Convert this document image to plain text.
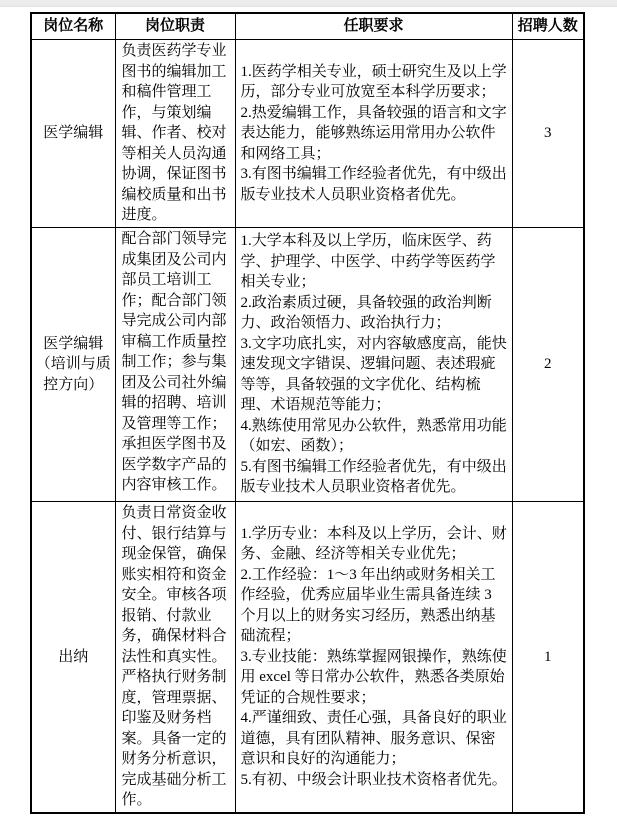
岗位名称	岗位职责	任职要求	招聘人数
医学编辑	负责医药学专业图书的编辑加工和稿件管理工作，与策划编辑、作者、校对等相关人员沟通协调，保证图书编校质量和出书进度。	1.医药学相关专业，硕士研究生及以上学历，部分专业可放宽至本科学历要求；
2.热爱编辑工作，具备较强的语言和文字表达能力，能够熟练运用常用办公软件和网络工具；
3.有图书编辑工作经验者优先，有中级出版专业技术人员职业资格者优先。	3
医学编辑（培训与质控方向）	配合部门领导完成集团及公司内部员工培训工作；配合部门领导完成公司内部审稿工作质量控制工作；参与集团及公司社外编辑的招聘、培训及管理等工作；承担医学图书及医学数字产品的内容审核工作。	1.大学本科及以上学历，临床医学、药学、护理学、中医学、中药学等医药学相关专业；
2.政治素质过硬，具备较强的政治判断力、政治领悟力、政治执行力；
3.文字功底扎实，对内容敏感度高，能快速发现文字错误、逻辑问题、表述瑕疵等等，具备较强的文字优化、结构梳理、术语规范等能力；
4.熟练使用常见办公软件，熟悉常用功能（如宏、函数）；
5.有图书编辑工作经验者优先，有中级出版专业技术人员职业资格者优先。	2
出纳	负责日常资金收付、银行结算与现金保管，确保账实相符和资金安全。审核各项报销、付款业务，确保材料合法性和真实性。严格执行财务制度，管理票据、印鉴及财务档案。具备一定的财务分析意识，完成基础分析工作。	1.学历专业：本科及以上学历，会计、财务、金融、经济等相关专业优先；
2.工作经验：1～3 年出纳或财务相关工作经验，优秀应届毕业生需具备连续 3 个月以上的财务实习经历，熟悉出纳基础流程；
3.专业技能：熟练掌握网银操作，熟练使用 excel 等日常办公软件，熟悉各类原始凭证的合规性要求；
4.严谨细致、责任心强，具备良好的职业道德，具有团队精神、服务意识、保密意识和良好的沟通能力；
5.有初、中级会计职业技术资格者优先。	1
